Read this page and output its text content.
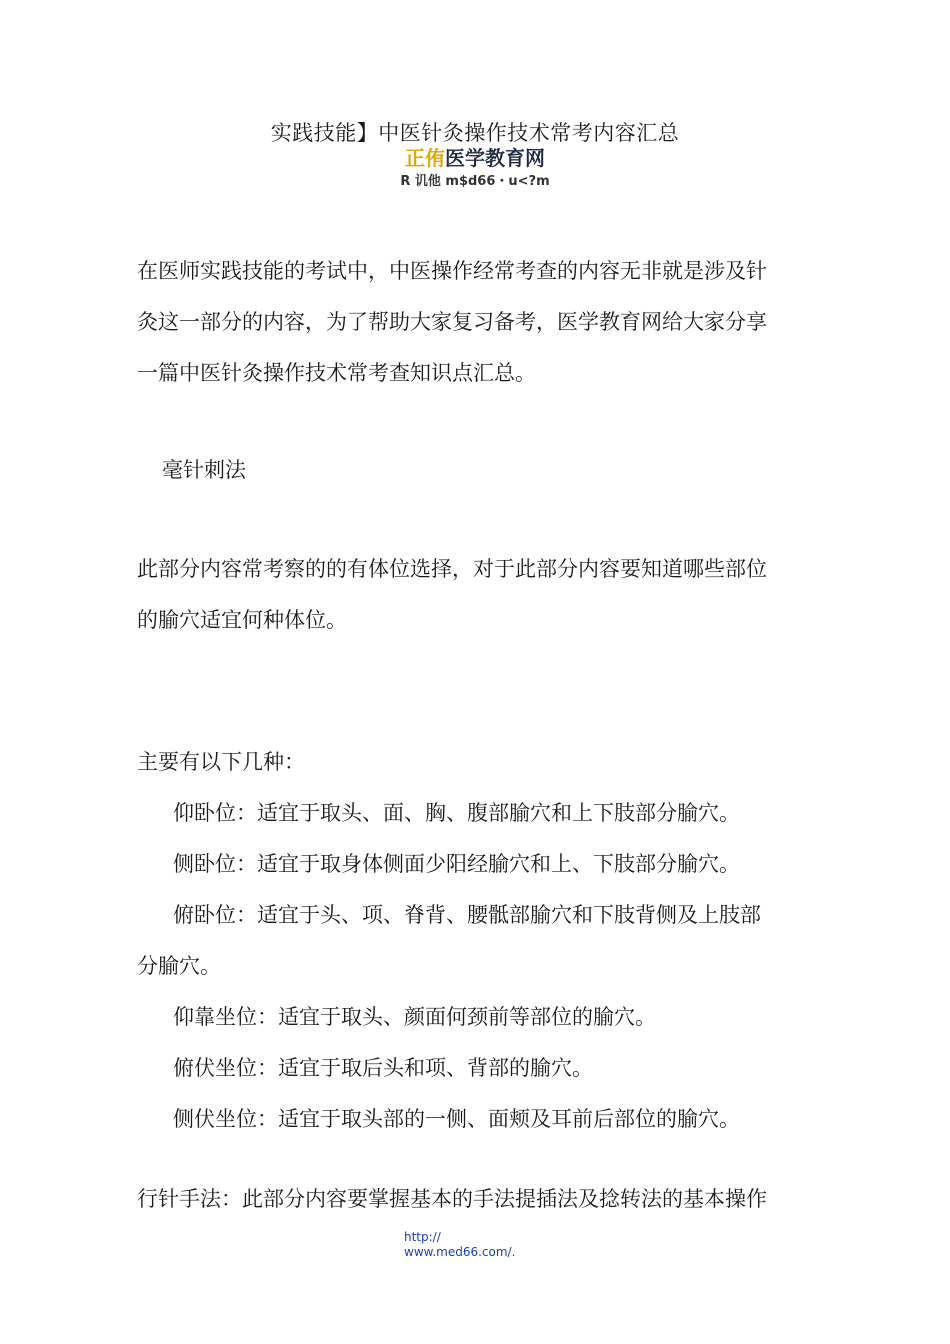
实践技能】中医针灸操作技术常考内容汇总
正侑医学教育网
R 讥他 m$d66・u<?m

在医师实践技能的考试中，中医操作经常考查的内容无非就是涉及针

灸这一部分的内容，为了帮助大家复习备考，医学教育网给大家分享

一篇中医针灸操作技术常考查知识点汇总。

毫针刺法

此部分内容常考察的的有体位选择，对于此部分内容要知道哪些部位

的腧穴适宜何种体位。

主要有以下几种：

仰卧位：适宜于取头、面、胸、腹部腧穴和上下肢部分腧穴。

侧卧位：适宜于取身体侧面少阳经腧穴和上、下肢部分腧穴。

俯卧位：适宜于头、项、脊背、腰骶部腧穴和下肢背侧及上肢部

分腧穴。

仰靠坐位：适宜于取头、颜面何颈前等部位的腧穴。

俯伏坐位：适宜于取后头和项、背部的腧穴。

侧伏坐位：适宜于取头部的一侧、面颊及耳前后部位的腧穴。

行针手法：此部分内容要掌握基本的手法提插法及捻转法的基本操作

http://
www.med66.com/.
